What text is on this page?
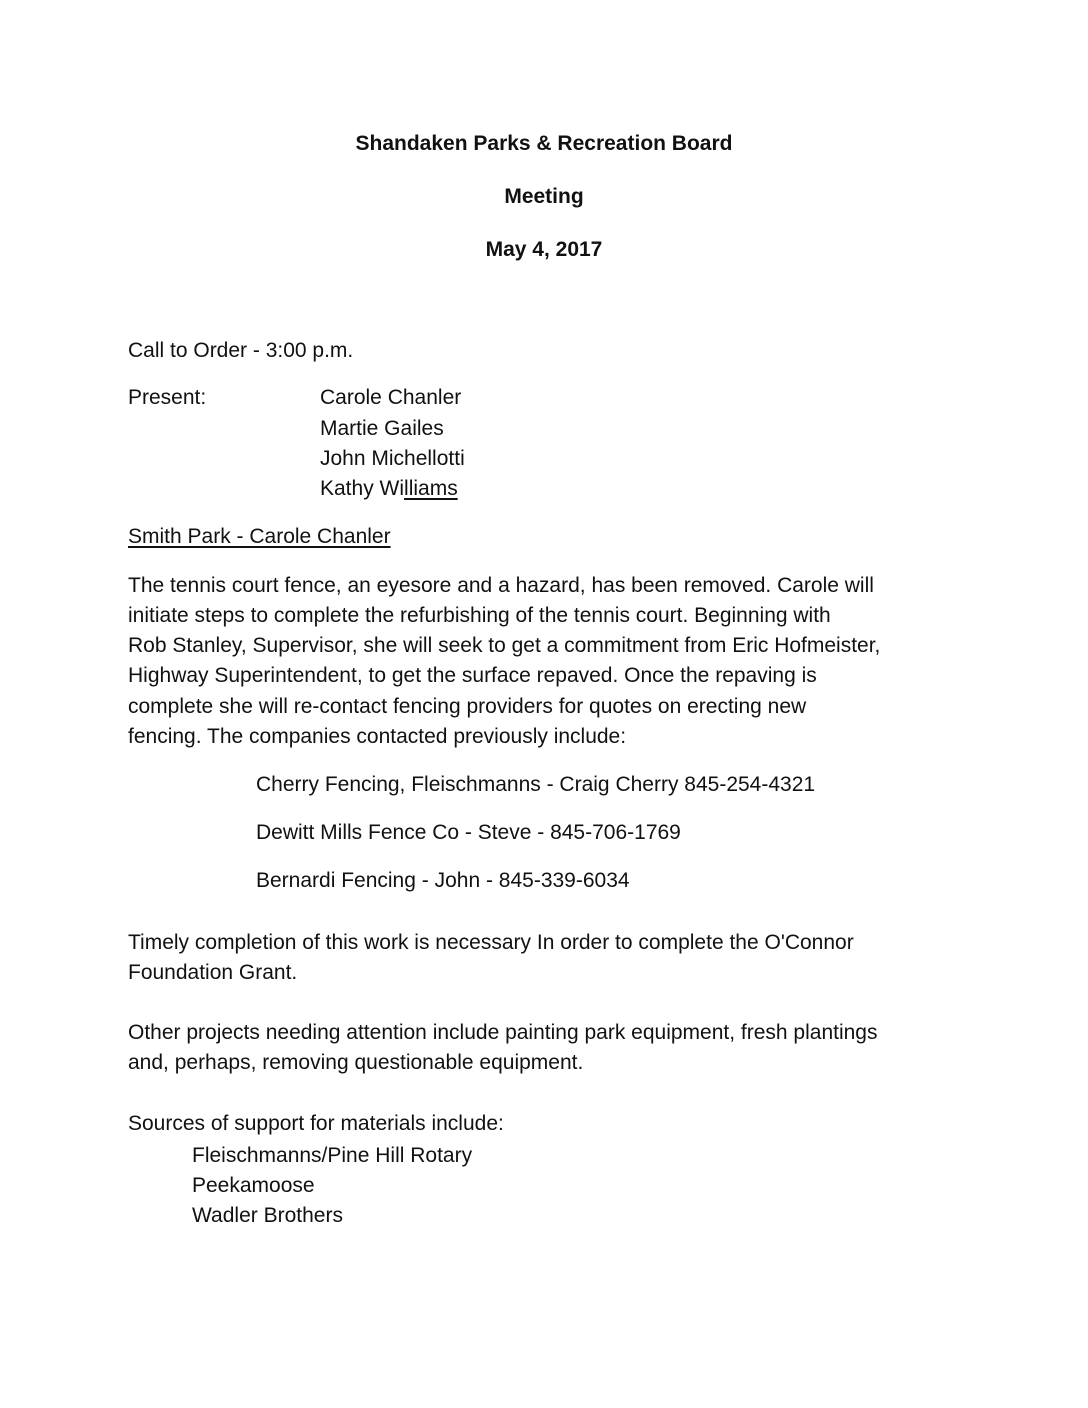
Shandaken Parks & Recreation Board
Meeting
May 4, 2017
Call to Order - 3:00 p.m.
Present:	Carole Chanler
Martie Gailes
John Michellotti
Kathy Williams
Smith Park - Carole Chanler
The tennis court fence, an eyesore and a hazard, has been removed. Carole will
initiate steps to complete the refurbishing of the tennis court. Beginning with
Rob Stanley, Supervisor, she will seek to get a commitment from Eric Hofmeister,
Highway Superintendent, to get the surface repaved. Once the repaving is
complete she will re-contact fencing providers for quotes on erecting new
fencing. The companies contacted previously include:
Cherry Fencing, Fleischmanns - Craig Cherry 845-254-4321
Dewitt Mills Fence Co - Steve - 845-706-1769
Bernardi Fencing - John - 845-339-6034
Timely completion of this work is necessary In order to complete the O'Connor
Foundation Grant.
Other projects needing attention include painting park equipment, fresh plantings
and, perhaps, removing questionable equipment.
Sources of support for materials include:
Fleischmanns/Pine Hill Rotary
Peekamoose
Wadler Brothers
